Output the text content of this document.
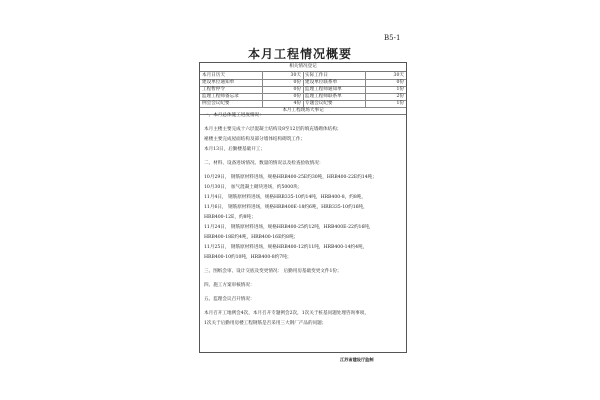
B5-1
本月工程情况概要
相关情况登记
本月日历天	30天 实际工作日	30天
建设单位通知单	0份 建设单位联系单	0份
工程暂停令	0份 监理工程师通知单	1份
监理工程师备忘录	0份 监理工程师联系单	2份
例会会议纪要	4份 专题会议纪要	1份
本月工程现场大事记
一、本月总体施工进度情况：
本月主楼主要完成十六层混凝土结构及8至12层的填充墙砌体结构；
裙楼主要完成屋面结构及部分墙体结构砌筑工作；
本月13日，后勤楼基础开工；
二、材料、设备进场情况、数量的情况以及检查验收情况：
10月29日， 钢筋原材料进场，规格HRB400-25E约30吨，HRB400-22E约14吨；
10月30日， 加气混凝土砌块进场，约5000块；
11月4日， 钢筋原材料进场，规格HRB335-10约14吨，HRB400-8，约8吨，
11月6日， 钢筋原材料进场，规格HRB400E-18约6吨，HRB335-10约16吨，
HRB400-12E，约8吨；
11月24日， 钢筋原材料进场，规格HRB400-25约12吨，HRB400E-22约16吨，
HRB400-18E约4吨，HRB400-16E约8吨；
11月25日， 钢筋原材料进场，规格HRB400-12约11吨，HRB400-14约4吨，
HRB400-10约10吨，HRB400-8约7吨；
三、图纸会审、设计交底及变更情况： 后勤用房基础变更文件1份；
四、施工方案审核情况：
五、监理会议召开情况：
本月召开工地例会4次，本月召开专题例会2次，1次关于桩基问题处理咨询事项，
1次关于后勤用房楼工程钢筋是否采用三大钢厂产品的问题；
江苏省建设厅监制
